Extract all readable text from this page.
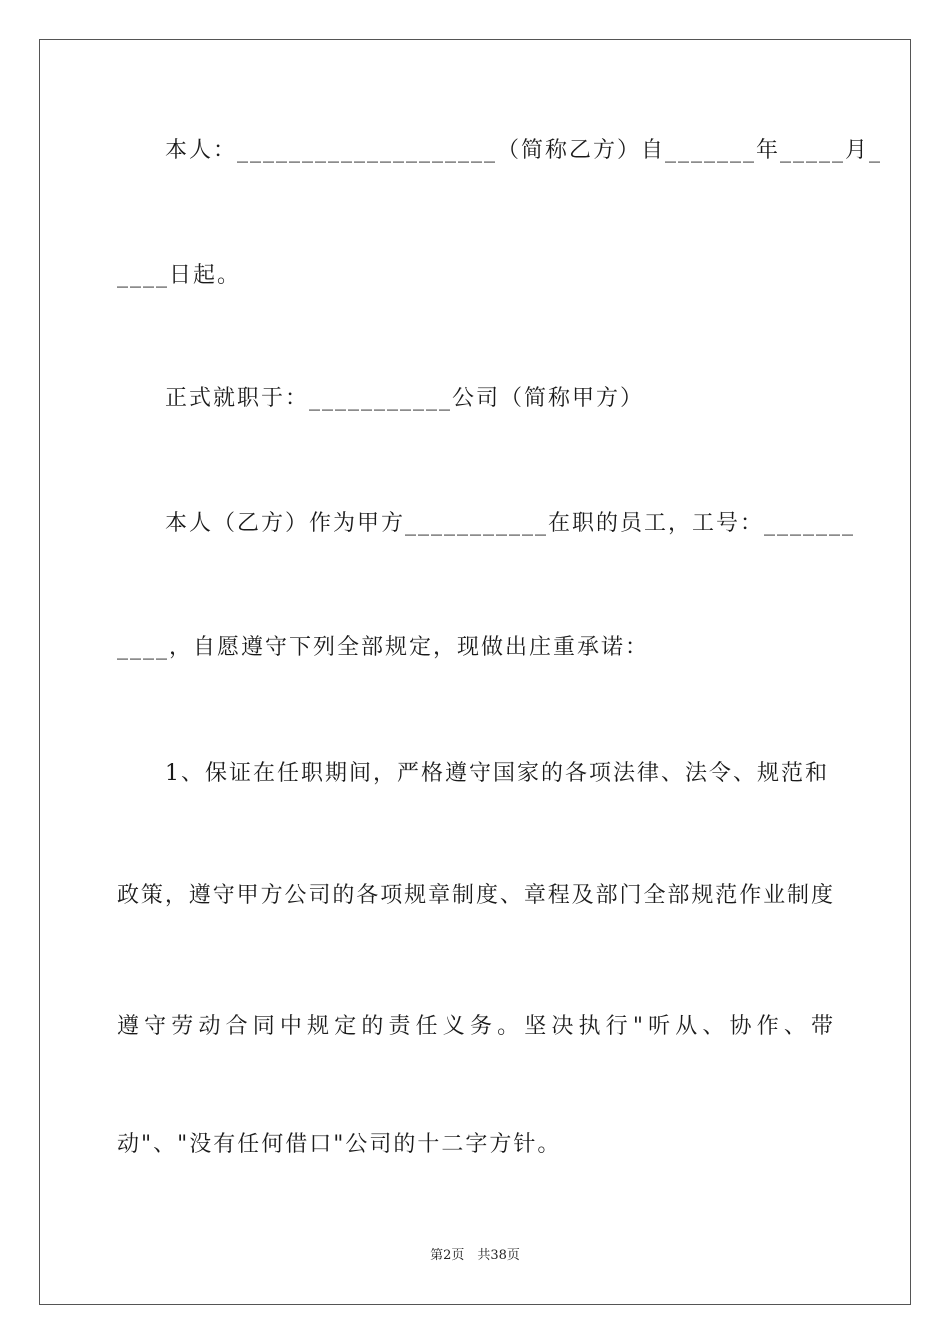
　　本人：____________________（简称乙方）自_______年_____月_
____日起。
　　正式就职于：___________公司（简称甲方）
　　本人（乙方）作为甲方___________在职的员工，工号：_______
____，自愿遵守下列全部规定，现做出庄重承诺：
　　1、保证在任职期间，严格遵守国家的各项法律、法令、规范和
政策，遵守甲方公司的各项规章制度、章程及部门全部规范作业制度
遵守劳动合同中规定的责任义务。坚决执行"听从、协作、带
动"、"没有任何借口"公司的十二字方针。
第2页　共38页
